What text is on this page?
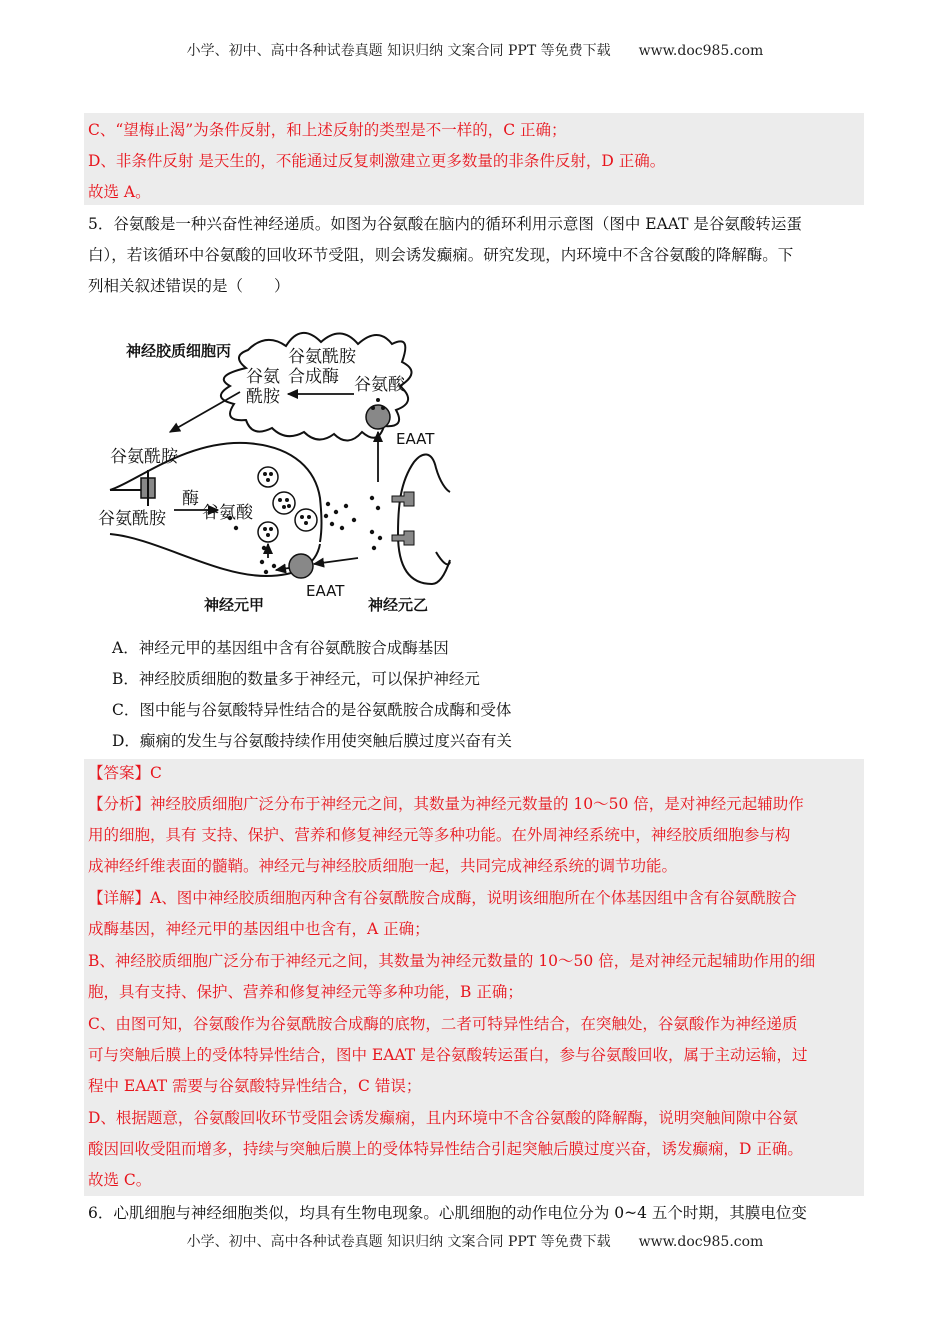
小学、初中、高中各种试卷真题 知识归纳 文案合同 PPT 等免费下载 www.doc985.com
C、“望梅止渴”为条件反射，和上述反射的类型是不一样的，C 正确；
D、非条件反射 是天生的，不能通过反复刺激建立更多数量的非条件反射，D 正确。
故选 A。
5．谷氨酸是一种兴奋性神经递质。如图为谷氨酸在脑内的循环利用示意图（图中 EAAT 是谷氨酸转运蛋
白），若该循环中谷氨酸的回收环节受阻，则会诱发癫痫。研究发现，内环境中不含谷氨酸的降解酶。下
列相关叙述错误的是（　　）
神经胶质细胞丙	谷氨酰胺
合成酶
谷氨
酰胺
谷氨酸
EAAT
谷氨酰胺
谷氨酰胺
酶
谷氨酸
EAAT
神经元甲	神经元乙
A．神经元甲的基因组中含有谷氨酰胺合成酶基因
B．神经胶质细胞的数量多于神经元，可以保护神经元
C．图中能与谷氨酸特异性结合的是谷氨酰胺合成酶和受体
D．癫痫的发生与谷氨酸持续作用使突触后膜过度兴奋有关
【答案】C
【分析】神经胶质细胞广泛分布于神经元之间，其数量为神经元数量的 10～50 倍，是对神经元起辅助作
用的细胞，具有 支持、保护、营养和修复神经元等多种功能。在外周神经系统中，神经胶质细胞参与构
成神经纤维表面的髓鞘。神经元与神经胶质细胞一起，共同完成神经系统的调节功能。
【详解】A、图中神经胶质细胞丙种含有谷氨酰胺合成酶，说明该细胞所在个体基因组中含有谷氨酰胺合
成酶基因，神经元甲的基因组中也含有，A 正确；
B、神经胶质细胞广泛分布于神经元之间，其数量为神经元数量的 10～50 倍，是对神经元起辅助作用的细
胞，具有支持、保护、营养和修复神经元等多种功能，B 正确；
C、由图可知，谷氨酸作为谷氨酰胺合成酶的底物，二者可特异性结合，在突触处，谷氨酸作为神经递质
可与突触后膜上的受体特异性结合，图中 EAAT 是谷氨酸转运蛋白，参与谷氨酸回收，属于主动运输，过
程中 EAAT 需要与谷氨酸特异性结合，C 错误；
D、根据题意，谷氨酸回收环节受阻会诱发癫痫，且内环境中不含谷氨酸的降解酶，说明突触间隙中谷氨
酸因回收受阻而增多，持续与突触后膜上的受体特异性结合引起突触后膜过度兴奋，诱发癫痫，D 正确。
故选 C。
6．心肌细胞与神经细胞类似，均具有生物电现象。心肌细胞的动作电位分为 0~4 五个时期，其膜电位变
小学、初中、高中各种试卷真题 知识归纳 文案合同 PPT 等免费下载 www.doc985.com
